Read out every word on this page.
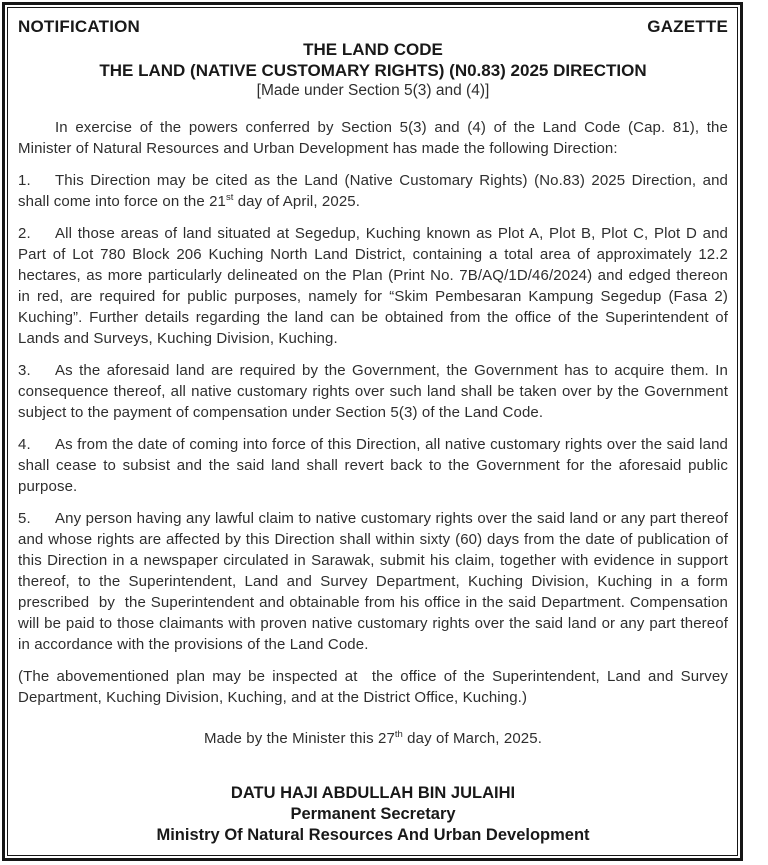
NOTIFICATION	GAZETTE
THE LAND CODE
THE LAND (NATIVE CUSTOMARY RIGHTS) (N0.83) 2025 DIRECTION
[Made under Section 5(3) and (4)]

In exercise of the powers conferred by Section 5(3) and (4) of the Land Code (Cap. 81), the Minister of Natural Resources and Urban Development has made the following Direction:

1. This Direction may be cited as the Land (Native Customary Rights) (No.83) 2025 Direction, and shall come into force on the 21st day of April, 2025.

2. All those areas of land situated at Segedup, Kuching known as Plot A, Plot B, Plot C, Plot D and Part of Lot 780 Block 206 Kuching North Land District, containing a total area of approximately 12.2 hectares, as more particularly delineated on the Plan (Print No. 7B/AQ/1D/46/2024) and edged thereon in red, are required for public purposes, namely for “Skim Pembesaran Kampung Segedup (Fasa 2) Kuching”. Further details regarding the land can be obtained from the office of the Superintendent of Lands and Surveys, Kuching Division, Kuching.

3. As the aforesaid land are required by the Government, the Government has to acquire them. In consequence thereof, all native customary rights over such land shall be taken over by the Government subject to the payment of compensation under Section 5(3) of the Land Code.

4. As from the date of coming into force of this Direction, all native customary rights over the said land shall cease to subsist and the said land shall revert back to the Government for the aforesaid public purpose.

5. Any person having any lawful claim to native customary rights over the said land or any part thereof and whose rights are affected by this Direction shall within sixty (60) days from the date of publication of this Direction in a newspaper circulated in Sarawak, submit his claim, together with evidence in support thereof, to the Superintendent, Land and Survey Department, Kuching Division, Kuching in a form prescribed  by  the Superintendent and obtainable from his office in the said Department. Compensation will be paid to those claimants with proven native customary rights over the said land or any part thereof in accordance with the provisions of the Land Code.

(The abovementioned plan may be inspected at  the office of the Superintendent, Land and Survey Department, Kuching Division, Kuching, and at the District Office, Kuching.)

Made by the Minister this 27th day of March, 2025.

DATU HAJI ABDULLAH BIN JULAIHI
Permanent Secretary
Ministry Of Natural Resources And Urban Development
